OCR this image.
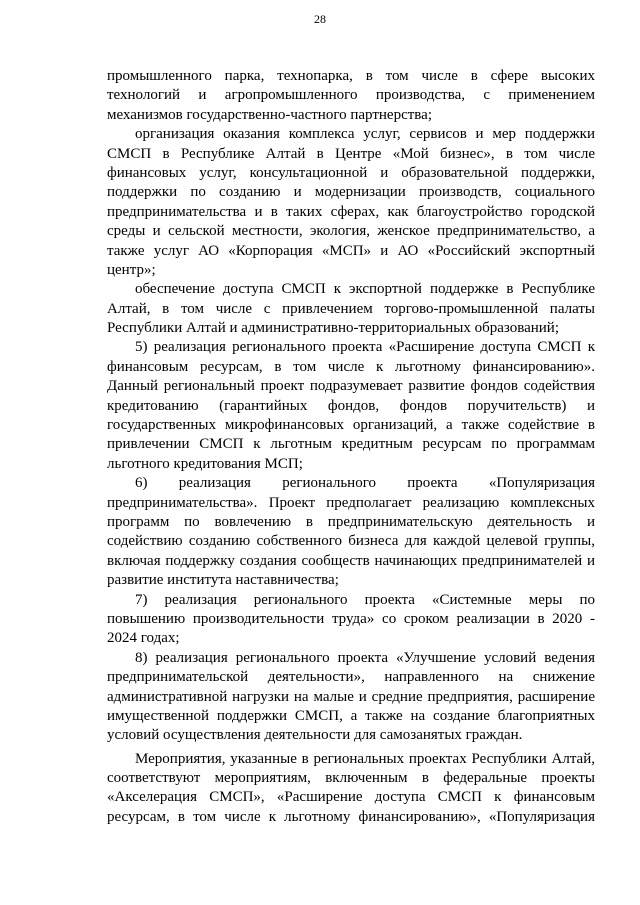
28
промышленного парка, технопарка, в том числе в сфере высоких
технологий и агропромышленного производства, с применением
механизмов государственно-частного партнерства;
организация оказания комплекса услуг, сервисов и мер поддержки
СМСП в Республике Алтай в Центре «Мой бизнес», в том числе
финансовых услуг, консультационной и образовательной поддержки,
поддержки по созданию и модернизации производств, социального
предпринимательства и в таких сферах, как благоустройство городской
среды и сельской местности, экология, женское предпринимательство, а
также услуг АО «Корпорация «МСП» и АО «Российский экспортный
центр»;
обеспечение доступа СМСП к экспортной поддержке в Республике
Алтай, в том числе с привлечением торгово-промышленной палаты
Республики Алтай и административно-территориальных образований;
5) реализация регионального проекта «Расширение доступа СМСП к
финансовым ресурсам, в том числе к льготному финансированию».
Данный региональный проект подразумевает развитие фондов содействия
кредитованию (гарантийных фондов, фондов поручительств) и
государственных микрофинансовых организаций, а также содействие в
привлечении СМСП к льготным кредитным ресурсам по программам
льготного кредитования МСП;
6) реализация регионального проекта «Популяризация
предпринимательства». Проект предполагает реализацию комплексных
программ по вовлечению в предпринимательскую деятельность и
содействию созданию собственного бизнеса для каждой целевой группы,
включая поддержку создания сообществ начинающих предпринимателей и
развитие института наставничества;
7) реализация регионального проекта «Системные меры по
повышению производительности труда» со сроком реализации в 2020 -
2024 годах;
8) реализация регионального проекта «Улучшение условий ведения
предпринимательской деятельности», направленного на снижение
административной нагрузки на малые и средние предприятия, расширение
имущественной поддержки СМСП, а также на создание благоприятных
условий осуществления деятельности для самозанятых граждан.
Мероприятия, указанные в региональных проектах Республики Алтай,
соответствуют мероприятиям, включенным в федеральные проекты
«Акселерация СМСП», «Расширение доступа СМСП к финансовым
ресурсам, в том числе к льготному финансированию», «Популяризация
